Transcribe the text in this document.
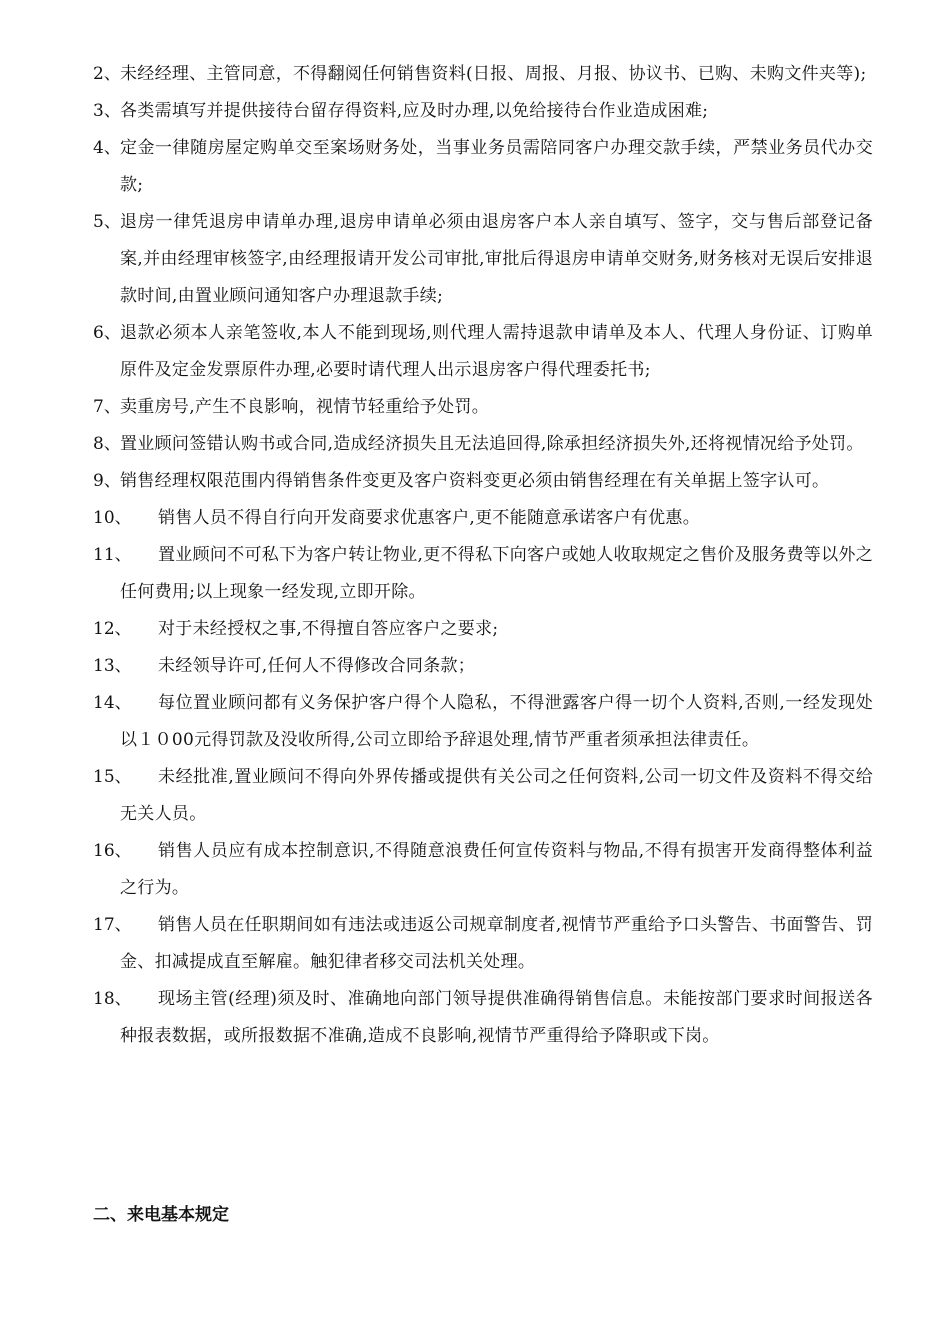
2、 未经经理、主管同意，不得翻阅任何销售资料(日报、周报、月报、协议书、已购、未购文件夹等);
3、 各类需填写并提供接待台留存得资料,应及时办理,以免给接待台作业造成困难;
4、 定金一律随房屋定购单交至案场财务处，当事业务员需陪同客户办理交款手续，严禁业务员代办交款;
5、 退房一律凭退房申请单办理,退房申请单必须由退房客户本人亲自填写、签字，交与售后部登记备案,并由经理审核签字,由经理报请开发公司审批,审批后得退房申请单交财务,财务核对无误后安排退款时间,由置业顾问通知客户办理退款手续;
6、 退款必须本人亲笔签收,本人不能到现场,则代理人需持退款申请单及本人、代理人身份证、订购单原件及定金发票原件办理,必要时请代理人出示退房客户得代理委托书;
7、 卖重房号,产生不良影响，视情节轻重给予处罚。
8、 置业顾问签错认购书或合同,造成经济损失且无法追回得,除承担经济损失外,还将视情况给予处罚。
9、 销售经理权限范围内得销售条件变更及客户资料变更必须由销售经理在有关单据上签字认可。
10、	销售人员不得自行向开发商要求优惠客户,更不能随意承诺客户有优惠。
11、	置业顾问不可私下为客户转让物业,更不得私下向客户或她人收取规定之售价及服务费等以外之任何费用;以上现象一经发现,立即开除。
12、	对于未经授权之事,不得擅自答应客户之要求;
13、	未经领导许可,任何人不得修改合同条款；
14、	每位置业顾问都有义务保护客户得个人隐私，不得泄露客户得一切个人资料,否则,一经发现处以１０00元得罚款及没收所得,公司立即给予辞退处理,情节严重者须承担法律责任。
15、	未经批准,置业顾问不得向外界传播或提供有关公司之任何资料,公司一切文件及资料不得交给无关人员。
16、	销售人员应有成本控制意识,不得随意浪费任何宣传资料与物品,不得有损害开发商得整体利益之行为。
17、	销售人员在任职期间如有违法或违返公司规章制度者,视情节严重给予口头警告、书面警告、罚金、扣减提成直至解雇。触犯律者移交司法机关处理。
18、	现场主管(经理)须及时、准确地向部门领导提供准确得销售信息。未能按部门要求时间报送各种报表数据，或所报数据不准确,造成不良影响,视情节严重得给予降职或下岗。
二、来电基本规定
